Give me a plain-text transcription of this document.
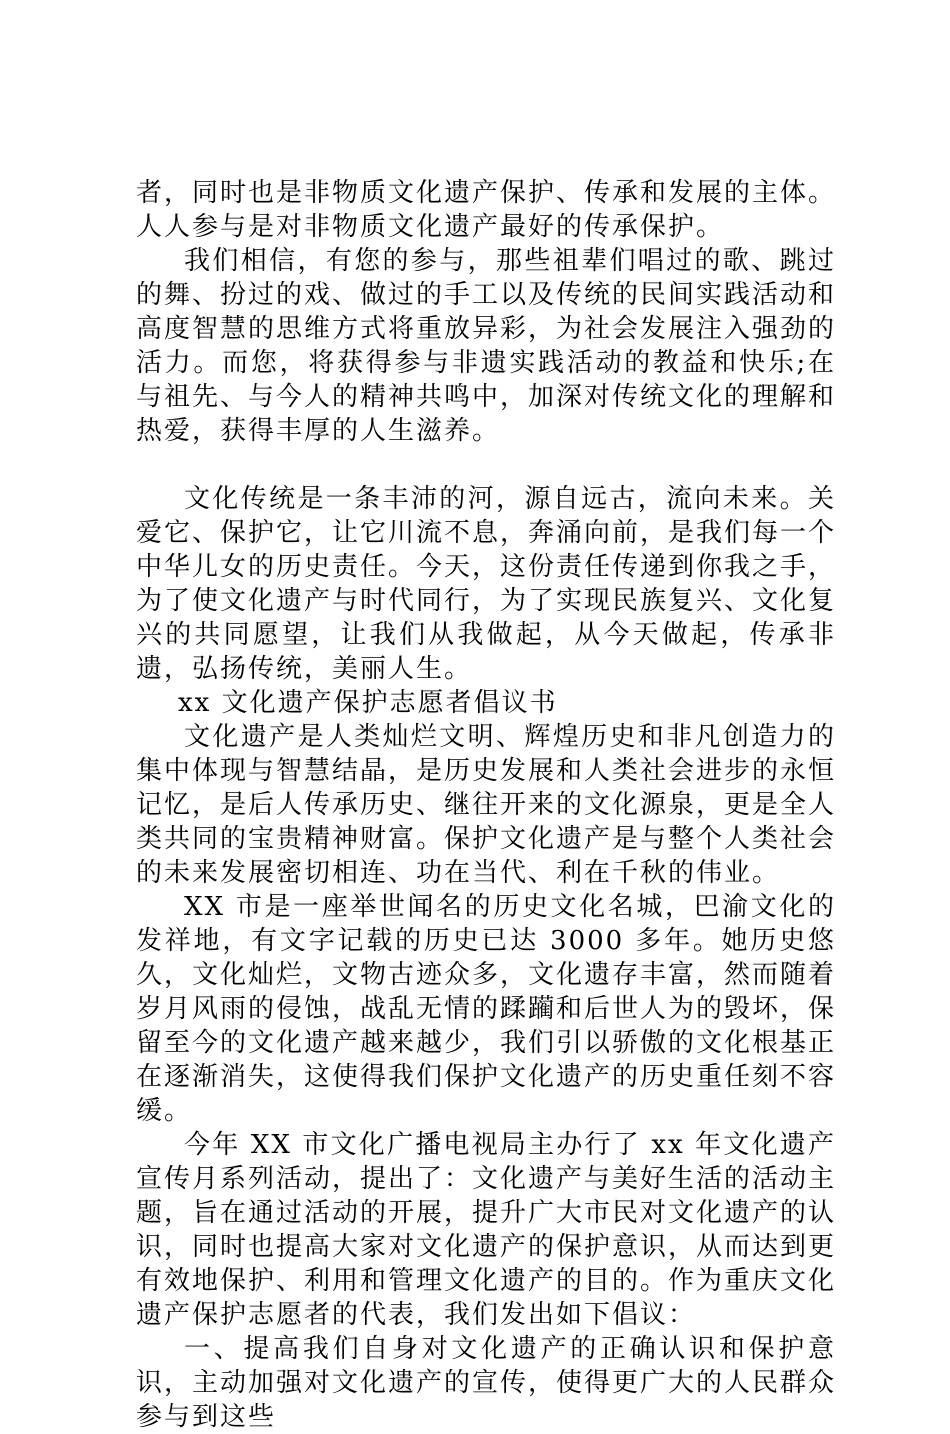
者，同时也是非物质文化遗产保护、传承和发展的主体。人人参与是对非物质文化遗产最好的传承保护。

我们相信，有您的参与，那些祖辈们唱过的歌、跳过的舞、扮过的戏、做过的手工以及传统的民间实践活动和高度智慧的思维方式将重放异彩，为社会发展注入强劲的活力。而您，将获得参与非遗实践活动的教益和快乐;在与祖先、与今人的精神共鸣中，加深对传统文化的理解和热爱，获得丰厚的人生滋养。

文化传统是一条丰沛的河，源自远古，流向未来。关爱它、保护它，让它川流不息，奔涌向前，是我们每一个中华儿女的历史责任。今天，这份责任传递到你我之手，为了使文化遗产与时代同行，为了实现民族复兴、文化复兴的共同愿望，让我们从我做起，从今天做起，传承非遗，弘扬传统，美丽人生。

xx 文化遗产保护志愿者倡议书

文化遗产是人类灿烂文明、辉煌历史和非凡创造力的集中体现与智慧结晶，是历史发展和人类社会进步的永恒记忆，是后人传承历史、继往开来的文化源泉，更是全人类共同的宝贵精神财富。保护文化遗产是与整个人类社会的未来发展密切相连、功在当代、利在千秋的伟业。

XX 市是一座举世闻名的历史文化名城，巴渝文化的发祥地，有文字记载的历史已达 3000 多年。她历史悠久，文化灿烂，文物古迹众多，文化遗存丰富，然而随着岁月风雨的侵蚀，战乱无情的蹂躏和后世人为的毁坏，保留至今的文化遗产越来越少，我们引以骄傲的文化根基正在逐渐消失，这使得我们保护文化遗产的历史重任刻不容缓。

今年 XX 市文化广播电视局主办行了 xx 年文化遗产宣传月系列活动，提出了：文化遗产与美好生活的活动主题，旨在通过活动的开展，提升广大市民对文化遗产的认识，同时也提高大家对文化遗产的保护意识，从而达到更有效地保护、利用和管理文化遗产的目的。作为重庆文化遗产保护志愿者的代表，我们发出如下倡议：

一、提高我们自身对文化遗产的正确认识和保护意识，主动加强对文化遗产的宣传，使得更广大的人民群众参与到这些
